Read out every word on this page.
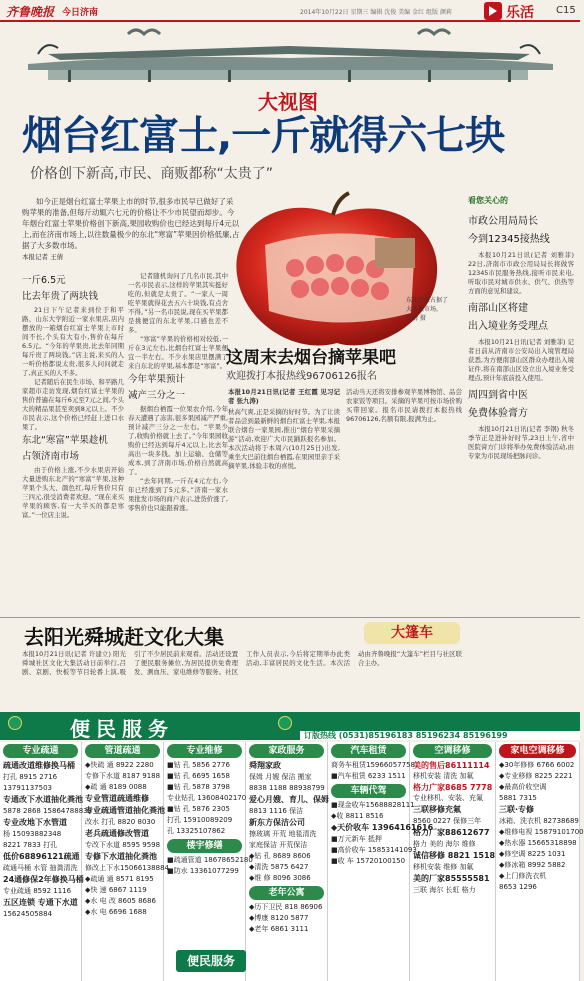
齐鲁晚报 今日济南	2014年10月22日 星期三 编辑 沈俊 美编 金红 组版 颜莉	乐活 C15
大视图
烟台红富士,一斤就得六七块
价格创下新高,市民、商贩都称“太贵了”
如今正是烟台红富士苹果上市的时节,很多市民早已做好了采购苹果的准备,但每斤动辄六七元的价格让不少市民望而却步。今年烟台红富士苹果价格创下新高,果园收购价也已经达到每斤4元以上,而在济南市场上,以往数量极少的东北“寒富”苹果因价格低廉,占据了大多数市场。
本报记者 王倩
一斤6.5元
比去年贵了两块钱
21日下午记者来到位于和平路、山东大学附近一家水果店,店内摆放的一箱烟台红富士苹果上市时间不长,个头有大有小,售价在每斤6.5元。“今年的苹果贵,比去年同期每斤贵了两块钱。”店主说,来买的人一听价格都说太贵,很多人问问就走了,真正买的人不多。
记者随后在民生市场、和平路几家超市走访发现,烟台红富士苹果的售价普遍在每斤6元至7元之间,个头大的精品果甚至卖到8元以上。不少市民表示,这个价格已经赶上进口水果了。
东北“寒富”苹果趁机
占领济南市场
由于价格上涨,不少水果店开始大量进购东北产的“寒富”苹果,这种苹果个头大、颜色红,每斤售价只有三四元,很受消费者欢迎。“现在来买苹果的顾客,有一大半买的都是寒富。”一位店主说。
记者随机询问了几名市民,其中一名市民表示,这样的苹果其实挺好吃的,但就是太贵了。“一家人一周吃苹果就得花去五六十块钱,有点舍不得。”另一名市民说,现在买苹果都是挑便宜的东北苹果,口感也差不多。
“寒富”苹果的价格相对较低,一斤在3元左右,比烟台红富士苹果便宜一半左右。不少水果店里摆满了来自东北的苹果,基本都是“寒富”。
今年苹果预计
减产三分之一
据烟台栖霞一位果农介绍,今年春天遭遇了冻害,很多果园减产严重,预计减产三分之一左右。“苹果少了,收购价格就上去了。”今年果园收购价已经达到每斤4元以上,比去年高出一块多钱。加上运输、仓储等成本,到了济南市场,价格自然就高了。
“去年同期,一斤在4元左右,今年已经涨到了5元多。”济南一家水果批发市场的商户表示,进货价涨了,零售价也只能跟着涨。
东北苹果占据了大多数市场。 王倩 摄
这周末去烟台摘苹果吧
欢迎拨打本报热线96706126报名
本报10月21日讯(记者 王红霞 见习记者 张九涛)
秋高气爽,正是采摘的好时节。为了让读者品尝到最新鲜的烟台红富士苹果,本报联合烟台一家果园,推出“烟台苹果采摘游”活动,欢迎广大市民踊跃报名参加。本次活动将于本周六(10月25日)出发,乘坐大巴前往烟台栖霞,在果园里亲手采摘苹果,体验丰收的喜悦。
活动当天还将安排参观苹果博物馆、品尝农家饭等项目。采摘的苹果可按市场价购买带回家。报名市民请拨打本报热线96706126,名额有限,报满为止。
看您关心的
市政公用局局长
今到12345接热线
本报10月21日讯(记者 刘雅菲) 22日,济南市市政公用局局长将做客12345市民服务热线,接听市民来电,听取市民对城市供水、供气、供热等方面的意见和建议。
南部山区将建
出入境业务受理点
本报10月21日讯(记者 刘雅菲) 记者日前从济南市公安局出入境管理局获悉,为方便南部山区群众办理出入境证件,将在南部山区设立出入境业务受理点,预计年底前投入使用。
周四到省中医
免费体验膏方
本报10月21日讯(记者 李钢) 秋冬季节正是进补好时节,23日上午,省中医院膏方门诊将举办免费体验活动,由专家为市民现场把脉问诊。
去阳光舜城赶文化大集	大篷车
本报10月21日讯(记者 许建立) 阳光舜城社区文化大集活动日前举行,吕剧、京剧、快板等节目轮番上演,吸引了不少居民前来观看。活动还设置了便民服务摊位,为居民提供免费理发、测血压、家电维修等服务。社区工作人员表示,今后将定期举办此类活动,丰富居民的文化生活。本次活动由齐鲁晚报“大篷车”栏目与社区联合主办。
便民服务	订版热线 (0531)85196183 85196234 85196199
专业疏通
疏通改道维修换马桶
打孔 8915 2716
13791137503
专通改下水道抽化粪池
5878 2868 15864788838
专业改地下水管道
杨 15093882348
8221 7833 打孔
低价68896121疏通
疏通马桶 水管 抽粪清洗
24通修保2年修换马桶
专业疏通 8592 1116
五区连锁 专通下水道
15624505884
管道疏通
◆快疏 通 8922 2280
专修下水道 8187 9188
◆疏 通 8189 0088
专业管道疏通维修
专业疏通管道抽化粪池
改水 打孔 8820 8030
老兵疏通修改管道
专改下水道 8595 9598
专修下水道抽化粪池
修改上下水15066138884
◆疏通 通 8571 8195
◆快 速 6867 1119
◆水 电 改 8605 8686
◆水 电 6696 1688
专业维修
■钻 孔 5856 2776
■钻 孔 6695 1658
■钻 孔 5878 3798
专业钻孔 13608402170
■钻 孔 5876 2305
打孔 15910089209
孔 13325107862
楼宇修缮
■疏通管道 18678652180
■防水 13361077299
家政服务
舜翔家政
保姆 月嫂 保洁 搬家
8838 1188 88938799
爱心月嫂、育儿、保姆
8813 1116 保洁
新东方保洁公司
擦玻璃 开荒 地毯清洗
家庭保洁 开荒保洁
◆钻 孔 8689 8606
◆清洗 5875 6427
◆维 修 8096 3086
老年公寓
◆历下卫民 818 86906
◆博康 8120 5877
◆老年 6861 3111
汽车租赁
商务车租赁15966057758
■汽车租赁 6233 1511
车辆代驾
■现金收车15688828111
◆收 8811 8516
◆天价收车 13964161616
■万元新车 抵押
■高价收车 15853141093
■收 车 15720100150
空调移修
美的售后86111114
移机安装 清洗 加氟
格力广家8685 7778
专业移机、安装、充氟
三联移修充氟
8560 0227 保修三年
格力厂家88612677
格力 美的 海尔 维修
诚信移修 8821 1518
移机安装 维修 加氟
美的厂家85555581
三联 海尔 长虹 格力
家电空调移修
◆30年修修 6766 6002
◆专业移修 8225 2221
◆最高价收空调
5881 7315
三联·专修
冰箱、洗衣机 82738689
◆维修电视 15879101700
◆热水器 15665318898
◆修空调 8225 1031
◆修冰箱 8992 5882
◆上门修洗衣机
8653 1296
便民服务
